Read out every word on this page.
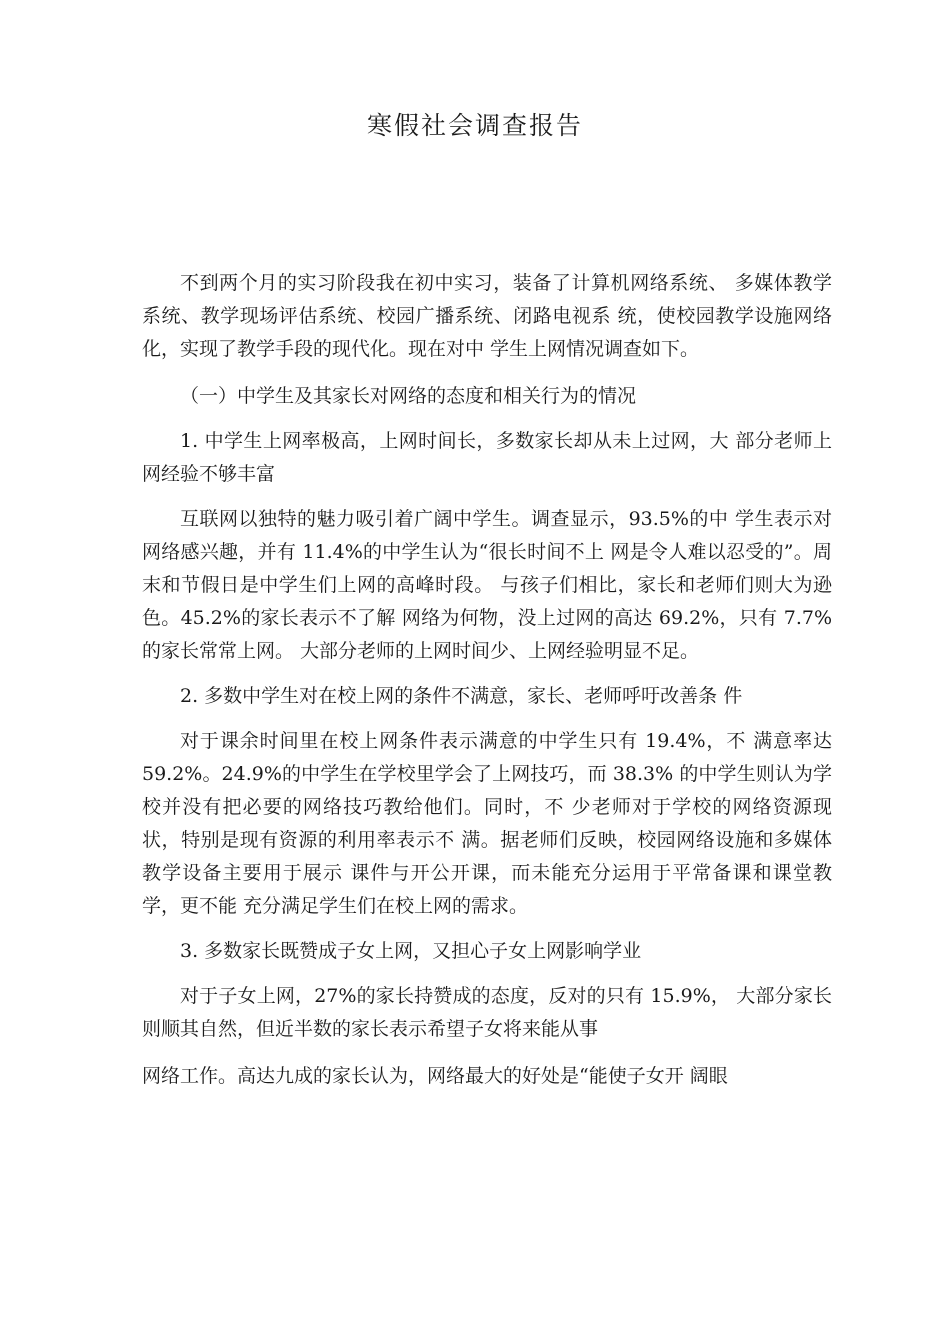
寒假社会调查报告

不到两个月的实习阶段我在初中实习，装备了计算机网络系统、 多媒体教学系统、教学现场评估系统、校园广播系统、闭路电视系 统，使校园教学设施网络化，实现了教学手段的现代化。现在对中 学生上网情况调查如下。

（一）中学生及其家长对网络的态度和相关行为的情况

1. 中学生上网率极高，上网时间长，多数家长却从未上过网，大 部分老师上网经验不够丰富

互联网以独特的魅力吸引着广阔中学生。调查显示，93.5%的中 学生表示对网络感兴趣，并有 11.4%的中学生认为“很长时间不上 网是令人难以忍受的”。周末和节假日是中学生们上网的高峰时段。 与孩子们相比，家长和老师们则大为逊色。45.2%的家长表示不了解 网络为何物，没上过网的高达 69.2%，只有 7.7%的家长常常上网。 大部分老师的上网时间少、上网经验明显不足。

2. 多数中学生对在校上网的条件不满意，家长、老师呼吁改善条 件

对于课余时间里在校上网条件表示满意的中学生只有 19.4%，不 满意率达 59.2%。24.9%的中学生在学校里学会了上网技巧，而 38.3% 的中学生则认为学校并没有把必要的网络技巧教给他们。同时，不 少老师对于学校的网络资源现状，特别是现有资源的利用率表示不 满。据老师们反映，校园网络设施和多媒体教学设备主要用于展示 课件与开公开课，而未能充分运用于平常备课和课堂教学，更不能 充分满足学生们在校上网的需求。

3. 多数家长既赞成子女上网，又担心子女上网影响学业

对于子女上网，27%的家长持赞成的态度，反对的只有 15.9%， 大部分家长则顺其自然，但近半数的家长表示希望子女将来能从事

网络工作。高达九成的家长认为，网络最大的好处是“能使子女开 阔眼
